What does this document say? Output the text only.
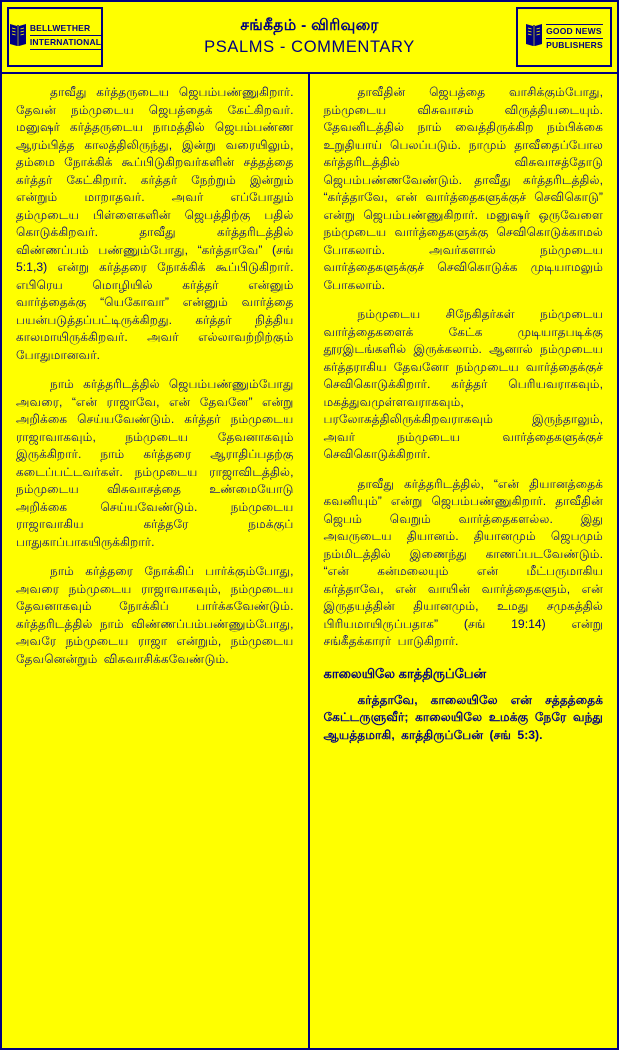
BELLWETHER
INTERNATIONAL
சங்கீதம் - விரிவுரை
PSALMS - COMMENTARY
GOOD NEWS
PUBLISHERS

தாவீது கர்த்தருடைய ஜெபம்பண்ணுகிறார். தேவன் நம்முடைய ஜெபத்தைக் கேட்கிறவர். மனுஷர் கர்த்தருடைய நாமத்தில் ஜெபம்பண்ண ஆரம்பித்த காலத்திலிருந்து, இன்று வரையிலும், தம்மை நோக்கிக் கூப்பிடுகிறவர்களின் சத்தத்தை கர்த்தர் கேட்கிறார். கர்த்தர் நேற்றும் இன்றும் என்றும் மாறாதவர். அவர் எப்போதும் தம்முடைய பிள்ளைகளின் ஜெபத்திற்கு பதில் கொடுக்கிறவர். தாவீது கர்த்தரிடத்தில் விண்ணப்பம் பண்ணும்போது, “கர்த்தாவே” (சங் 5:1,3) என்று கர்த்தரை நோக்கிக் கூப்பிடுகிறார். எபிரெய மொழியில் கர்த்தர் என்னும் வார்த்தைக்கு “யெகோவா” என்னும் வார்த்தை பயன்படுத்தப்பட்டிருக்கிறது. கர்த்தர் நித்திய காலமாயிருக்கிறவர். அவர் எல்லாவற்றிற்கும் போதுமானவர்.

நாம் கர்த்தரிடத்தில் ஜெபம்பண்ணும்போது அவரை, “என் ராஜாவே, என் தேவனே” என்று அறிக்கை செய்யவேண்டும். கர்த்தர் நம்முடைய ராஜாவாகவும், நம்முடைய தேவனாகவும் இருக்கிறார். நாம் கர்த்தரை ஆராதிப்பதற்கு கடைப்பட்டவர்கள். நம்முடைய ராஜாவிடத்தில், நம்முடைய விசுவாசத்தை உண்மையோடு அறிக்கை செய்யவேண்டும். நம்முடைய ராஜாவாகிய கர்த்தரே நமக்குப் பாதுகாப்பாகயிருக்கிறார்.

நாம் கர்த்தரை நோக்கிப் பார்க்கும்போது, அவரை நம்முடைய ராஜாவாகவும், நம்முடைய தேவனாகவும் நோக்கிப் பார்க்கவேண்டும். கர்த்தரிடத்தில் நாம் விண்ணப்பம்பண்ணும்போது, அவரே நம்முடைய ராஜா என்றும், நம்முடைய தேவனென்றும் விசுவாசிக்கவேண்டும்.

தாவீதின் ஜெபத்தை வாசிக்கும்போது, நம்முடைய விசுவாசம் விருத்தியடையும். தேவனிடத்தில் நாம் வைத்திருக்கிற நம்பிக்கை உறுதியாய் பெலப்படும். நாமும் தாவீதைப்போல கர்த்தரிடத்தில் விசுவாசத்தோடு ஜெபம்பண்ணவேண்டும். தாவீது கர்த்தரிடத்தில், “கர்த்தாவே, என் வார்த்தைகளுக்குச் செவிகொடு” என்று ஜெபம்பண்ணுகிறார். மனுஷர் ஒருவேளை நம்முடைய வார்த்தைகளுக்கு செவிகொடுக்காமல் போகலாம். அவர்களால் நம்முடைய வார்த்தைகளுக்குச் செவிகொடுக்க முடியாமலும் போகலாம்.

நம்முடைய சிநேகிதர்கள் நம்முடைய வார்த்தைகளைக் கேட்க முடியாதபடிக்கு தூரஇடங்களில் இருக்கலாம். ஆனால் நம்முடைய கர்த்தராகிய தேவனோ நம்முடைய வார்த்தைக்குச் செவிகொடுக்கிறார். கர்த்தர் பெரியவராகவும், மகத்துவமுள்ளவராகவும், பரலோகத்திலிருக்கிறவராகவும் இருந்தாலும், அவர் நம்முடைய வார்த்தைகளுக்குச் செவிகொடுக்கிறார்.

தாவீது கர்த்தரிடத்தில், “என் தியானத்தைக் கவனியும்” என்று ஜெபம்பண்ணுகிறார். தாவீதின் ஜெபம் வெறும் வார்த்தைகளல்ல. இது அவருடைய தியானம். தியானமும் ஜெபமும் நம்மிடத்தில் இணைந்து காணப்படவேண்டும். “என் கன்மலையும் என் மீட்பருமாகிய கர்த்தாவே, என் வாயின் வார்த்தைகளும், என் இருதயத்தின் தியானமும், உமது சமுகத்தில் பிரியமாயிருப்பதாக” (சங் 19:14) என்று சங்கீதக்காரர் பாடுகிறார்.

காலையிலே காத்திருப்பேன்

கர்த்தாவே, காலையிலே என் சத்தத்தைக் கேட்டருளுவீர்; காலையிலே உமக்கு நேரே வந்து ஆயத்தமாகி, காத்திருப்பேன் (சங் 5:3).
